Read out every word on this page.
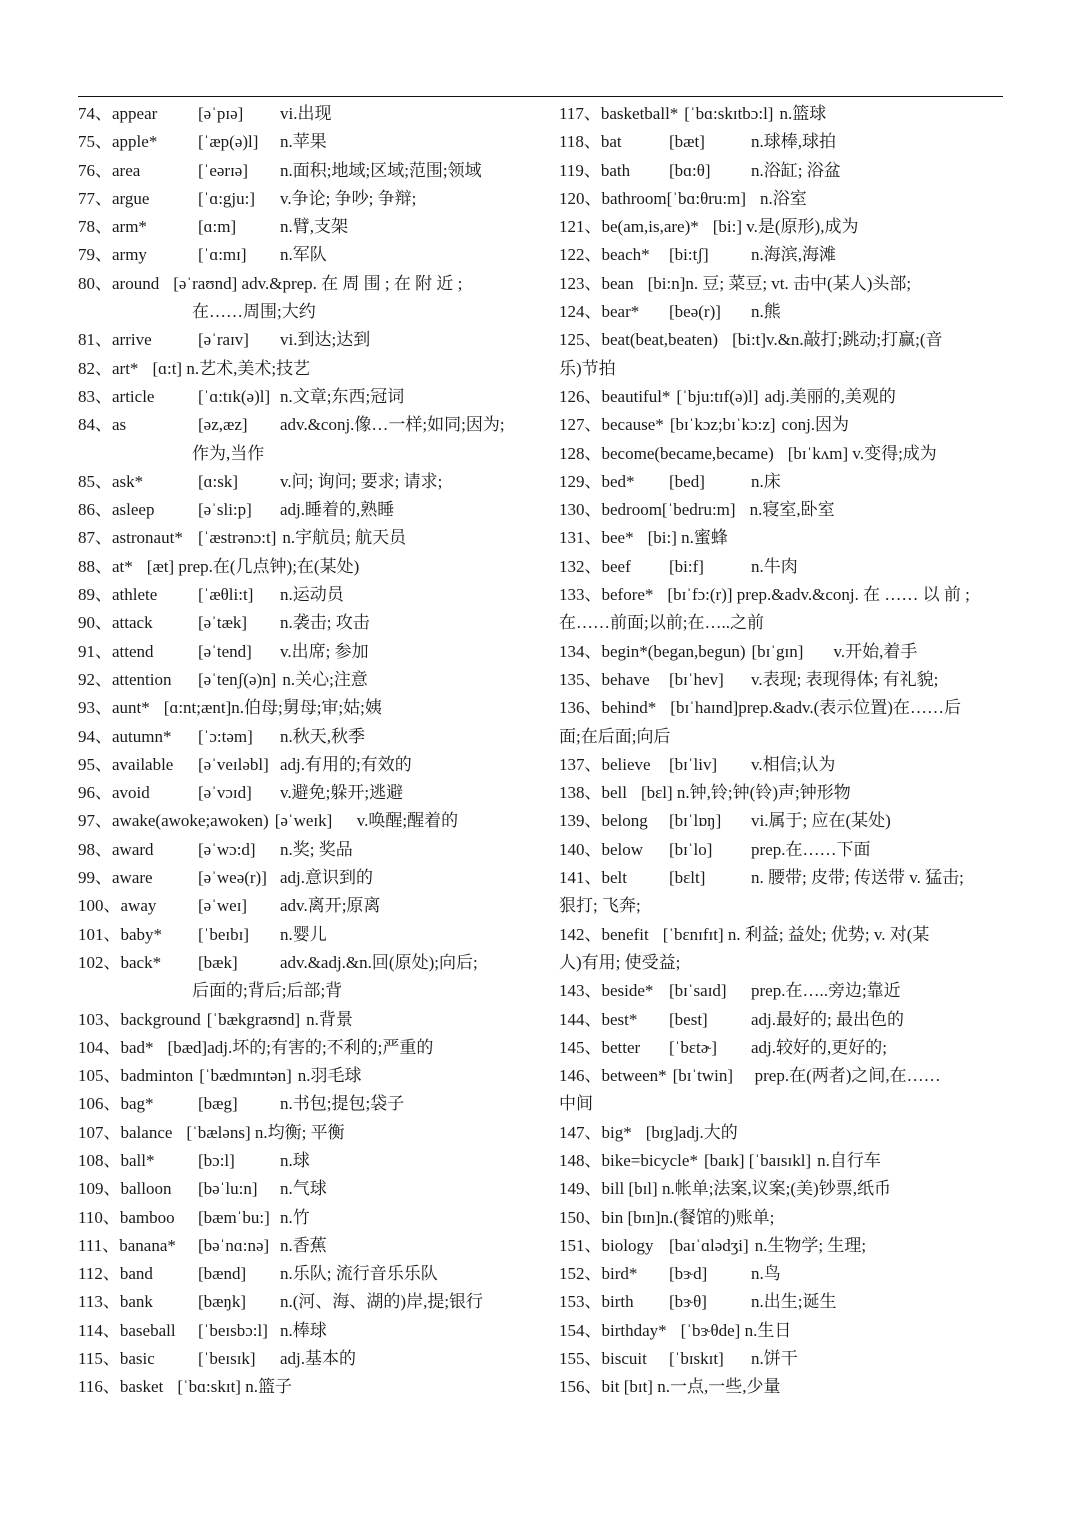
74、appear [əˈpɪə] vi.出现
75、apple* [ˈæp(ə)l] n.苹果
76、area	[ˈeərɪə] n.面积;地域;区域;范围;领域
77、argue	[ˈɑ:gju:] v.争论; 争吵; 争辩;
78、arm*	[ɑ:m]	n.臂,支架
79、army	[ˈɑ:mɪ] n.军队
80、around [əˈraʊnd] adv.&prep. 在 周 围 ; 在 附 近 ;
在……周围;大约
81、arrive	[əˈraɪv] vi.到达;达到
82、art* [ɑ:t] n.艺术,美术;技艺
83、article	[ˈɑ:tɪk(ə)l] n.文章;东西;冠词
84、as	[əz,æz] adv.&conj.像…一样;如同;因为;
作为,当作
85、ask*	[ɑ:sk] v.问; 询问; 要求; 请求;
86、asleep	[əˈsli:p] adj.睡着的,熟睡
87、astronaut* [ˈæstrənɔ:t] n.宇航员; 航天员
88、at* [æt] prep.在(几点钟);在(某处)
89、athlete [ˈæθli:t] n.运动员
90、attack	[əˈtæk] n.袭击; 攻击
91、attend	[əˈtend] v.出席; 参加
92、attention [əˈtenʃ(ə)n] n.关心;注意
93、aunt* [ɑ:nt;ænt]n.伯母;舅母;审;姑;姨
94、autumn* [ˈɔ:təm] n.秋天,秋季
95、available [əˈveɪləbl] adj.有用的;有效的
96、avoid	[əˈvɔɪd] v.避免;躲开;逃避
97、awake(awoke;awoken) [əˈweɪk] v.唤醒;醒着的
98、award	[əˈwɔ:d] n.奖; 奖品
99、aware	[əˈweə(r)] adj.意识到的
100、away [əˈweɪ] adv.离开;原离
101、baby* [ˈbeɪbɪ] n.婴儿
102、back* [bæk] adv.&adj.&n.回(原处);向后;
后面的;背后;后部;背
103、background [ˈbækgraʊnd] n.背景
104、bad* [bæd]adj.坏的;有害的;不利的;严重的
105、badminton [ˈbædmɪntən] n.羽毛球
106、bag*	[bæg] n.书包;提包;袋子
107、balance [ˈbæləns] n.均衡; 平衡
108、ball*	[bɔ:l]	n.球
109、balloon [bəˈlu:n] n.气球
110、bamboo [bæmˈbu:] n.竹
111、banana* [bəˈnɑ:nə] n.香蕉
112、band	[bænd] n.乐队; 流行音乐乐队
113、bank	[bæŋk] n.(河、海、湖的)岸,提;银行
114、baseball [ˈbeɪsbɔ:l] n.棒球
115、basic	[ˈbeɪsɪk] adj.基本的
116、basket [ˈbɑ:skɪt] n.篮子
117、basketball* [ˈbɑ:skɪtbɔ:l] n.篮球
118、bat	[bæt]	n.球棒,球拍
119、bath [bɑ:θ] n.浴缸; 浴盆
120、bathroom[ˈbɑ:θru:m] n.浴室
121、be(am,is,are)* [bi:] v.是(原形),成为
122、beach* [bi:tʃ] n.海滨,海滩
123、bean [bi:n]n. 豆; 菜豆; vt. 击中(某人)头部;
124、bear* [beə(r)] n.熊
125、beat(beat,beaten) [bi:t]v.&n.敲打;跳动;打赢;(音
乐)节拍
126、beautiful* [ˈbju:tɪf(ə)l] adj.美丽的,美观的
127、because* [bɪˈkɔz;bɪˈkɔ:z] conj.因为
128、become(became,became) [bɪˈkʌm] v.变得;成为
129、bed* [bed]	n.床
130、bedroom[ˈbedru:m] n.寝室,卧室
131、bee* [bi:] n.蜜蜂
132、beef [bi:f]	n.牛肉
133、before* [bɪˈfɔ:(r)] prep.&adv.&conj. 在 …… 以 前 ;
在……前面;以前;在…..之前
134、begin*(began,begun) [bɪˈgɪn] v.开始,着手
135、behave [bɪˈhev] v.表现; 表现得体; 有礼貌;
136、behind* [bɪˈhaɪnd]prep.&adv.(表示位置)在……后
面;在后面;向后
137、believe [bɪˈliv] v.相信;认为
138、bell [bɛl] n.钟,铃;钟(铃)声;钟形物
139、belong [bɪˈlɒŋ] vi.属于; 应在(某处)
140、below [bɪˈlo] prep.在……下面
141、belt [bɛlt]	n. 腰带; 皮带; 传送带 v. 猛击;
狠打; 飞奔;
142、benefit [ˈbɛnɪfɪt] n. 利益; 益处; 优势; v. 对(某
人)有用; 使受益;
143、beside* [bɪˈsaɪd] prep.在…..旁边;靠近
144、best* [best]	adj.最好的; 最出色的
145、better [ˈbɛtɚ] adj.较好的,更好的;
146、between* [bɪˈtwin] prep.在(两者)之间,在……
中间
147、big* [bɪg]adj.大的
148、bike=bicycle* [baɪk] [ˈbaɪsɪkl] n.自行车
149、bill [bɪl] n.帐单;法案,议案;(美)钞票,纸币
150、bin [bɪn]n.(餐馆的)账单;
151、biology [baɪˈɑlədʒi] n.生物学; 生理;
152、bird* [bɝd]	n.鸟
153、birth [bɝθ]	n.出生;诞生
154、birthday* [ˈbɝθde] n.生日
155、biscuit [ˈbɪskɪt] n.饼干
156、bit [bɪt] n.一点,一些,少量
